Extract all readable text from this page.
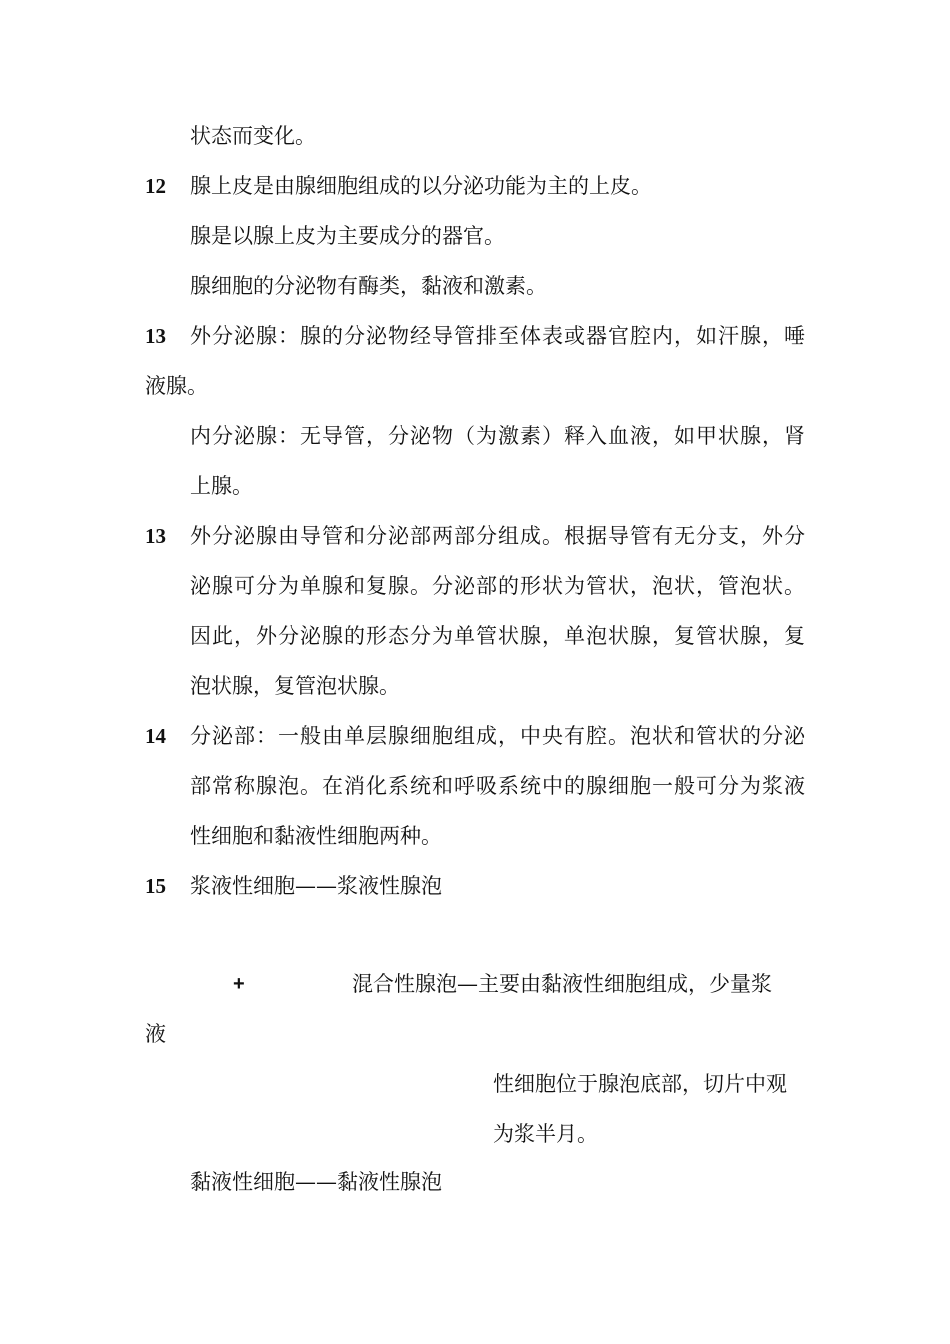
状态而变化。
12 腺上皮是由腺细胞组成的以分泌功能为主的上皮。
腺是以腺上皮为主要成分的器官。
腺细胞的分泌物有酶类，黏液和激素。
13 外分泌腺：腺的分泌物经导管排至体表或器官腔内，如汗腺，唾
液腺。
内分泌腺：无导管，分泌物（为激素）释入血液，如甲状腺，肾
上腺。
13 外分泌腺由导管和分泌部两部分组成。根据导管有无分支，外分
泌腺可分为单腺和复腺。分泌部的形状为管状，泡状，管泡状。
因此，外分泌腺的形态分为单管状腺，单泡状腺，复管状腺，复
泡状腺，复管泡状腺。
14 分泌部：一般由单层腺细胞组成，中央有腔。泡状和管状的分泌
部常称腺泡。在消化系统和呼吸系统中的腺细胞一般可分为浆液
性细胞和黏液性细胞两种。
15 浆液性细胞——浆液性腺泡
+	混合性腺泡—主要由黏液性细胞组成，少量浆
液
性细胞位于腺泡底部，切片中观
为浆半月。
黏液性细胞——黏液性腺泡
